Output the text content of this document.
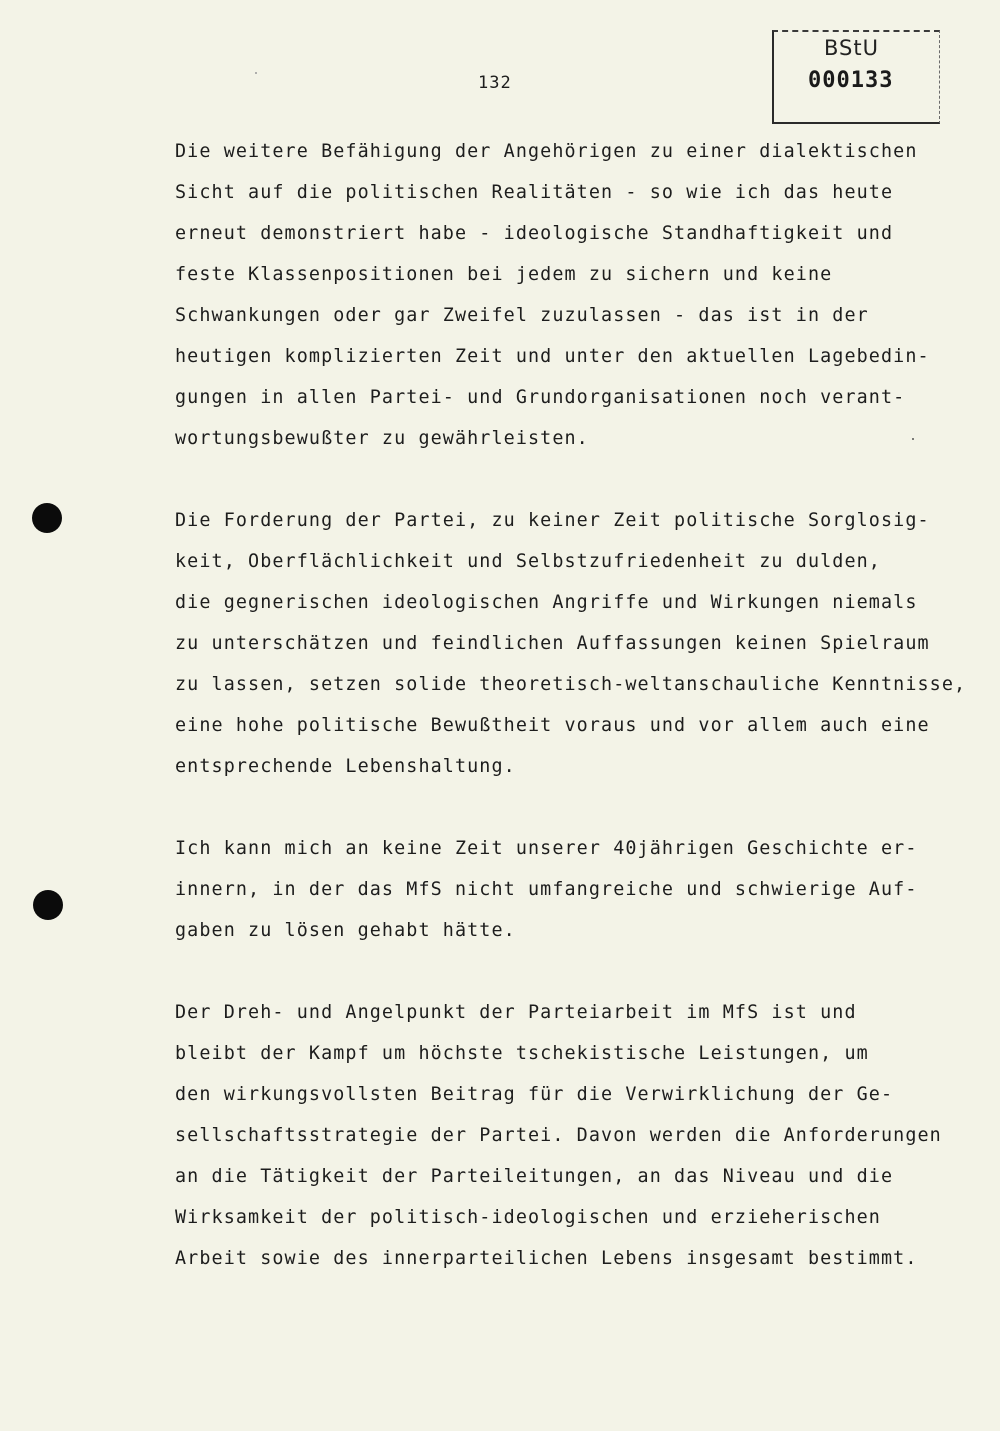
132
BStU
000133
Die weitere Befähigung der Angehörigen zu einer dialektischen
Sicht auf die politischen Realitäten - so wie ich das heute
erneut demonstriert habe - ideologische Standhaftigkeit und
feste Klassenpositionen bei jedem zu sichern und keine
Schwankungen oder gar Zweifel zuzulassen - das ist in der
heutigen komplizierten Zeit und unter den aktuellen Lagebedin-
gungen in allen Partei- und Grundorganisationen noch verant-
wortungsbewußter zu gewährleisten.
Die Forderung der Partei, zu keiner Zeit politische Sorglosig-
keit, Oberflächlichkeit und Selbstzufriedenheit zu dulden,
die gegnerischen ideologischen Angriffe und Wirkungen niemals
zu unterschätzen und feindlichen Auffassungen keinen Spielraum
zu lassen, setzen solide theoretisch-weltanschauliche Kenntnisse,
eine hohe politische Bewußtheit voraus und vor allem auch eine
entsprechende Lebenshaltung.
Ich kann mich an keine Zeit unserer 40jährigen Geschichte er-
innern, in der das MfS nicht umfangreiche und schwierige Auf-
gaben zu lösen gehabt hätte.
Der Dreh- und Angelpunkt der Parteiarbeit im MfS ist und
bleibt der Kampf um höchste tschekistische Leistungen, um
den wirkungsvollsten Beitrag für die Verwirklichung der Ge-
sellschaftsstrategie der Partei. Davon werden die Anforderungen
an die Tätigkeit der Parteileitungen, an das Niveau und die
Wirksamkeit der politisch-ideologischen und erzieherischen
Arbeit sowie des innerparteilichen Lebens insgesamt bestimmt.
